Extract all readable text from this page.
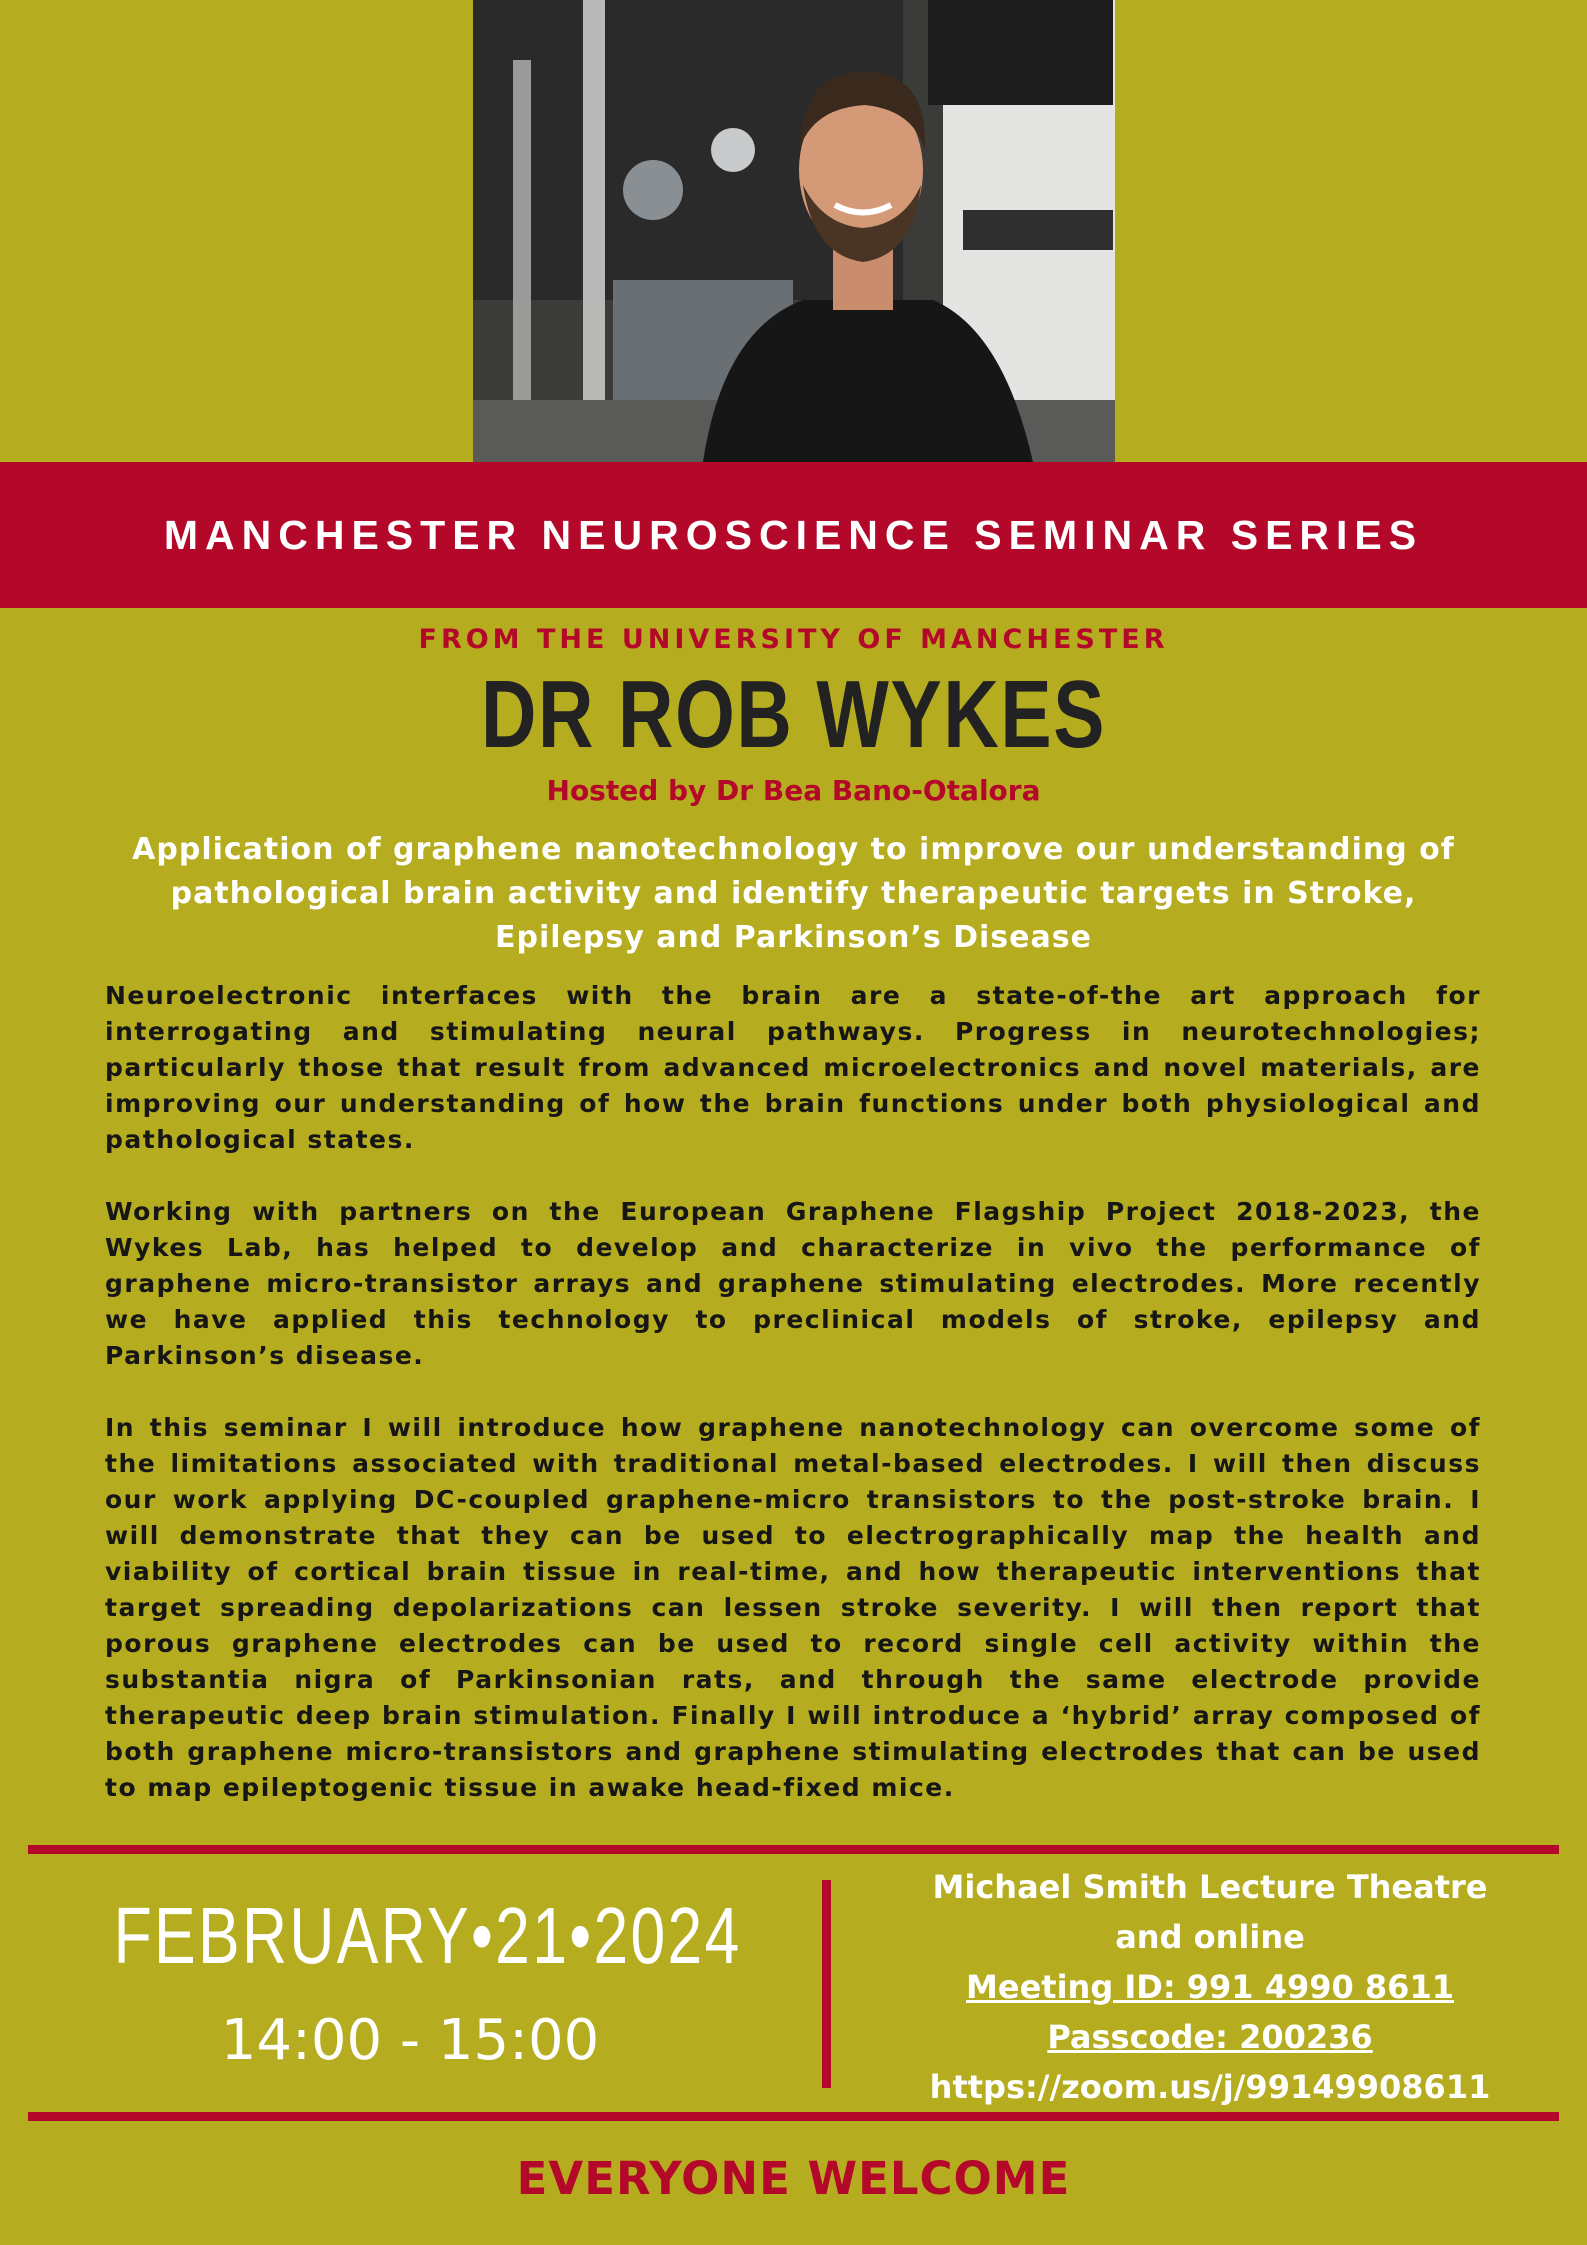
MANCHESTER NEUROSCIENCE SEMINAR SERIES
FROM THE UNIVERSITY OF MANCHESTER
DR ROB WYKES
Hosted by Dr Bea Bano-Otalora
Application of graphene nanotechnology to improve our understanding of
pathological brain activity and identify therapeutic targets in Stroke,
Epilepsy and Parkinson’s Disease

Neuroelectronic interfaces with the brain are a state-of-the art approach for interrogating and stimulating neural pathways. Progress in neurotechnologies; particularly those that result from advanced microelectronics and novel materials, are improving our understanding of how the brain functions under both physiological and pathological states.

Working with partners on the European Graphene Flagship Project 2018-2023, the Wykes Lab, has helped to develop and characterize in vivo the performance of graphene micro-transistor arrays and graphene stimulating electrodes. More recently we have applied this technology to preclinical models of stroke, epilepsy and Parkinson’s disease.

In this seminar I will introduce how graphene nanotechnology can overcome some of the limitations associated with traditional metal-based electrodes. I will then discuss our work applying DC-coupled graphene-micro transistors to the post-stroke brain. I will demonstrate that they can be used to electrographically map the health and viability of cortical brain tissue in real-time, and how therapeutic interventions that target spreading depolarizations can lessen stroke severity. I will then report that porous graphene electrodes can be used to record single cell activity within the substantia nigra of Parkinsonian rats, and through the same electrode provide therapeutic deep brain stimulation. Finally I will introduce a ‘hybrid’ array composed of both graphene micro-transistors and graphene stimulating electrodes that can be used to map epileptogenic tissue in awake head-fixed mice.

FEBRUARY•21•2024
14:00 - 15:00
Michael Smith Lecture Theatre
and online
Meeting ID: 991 4990 8611
Passcode: 200236
https://zoom.us/j/99149908611
EVERYONE WELCOME
